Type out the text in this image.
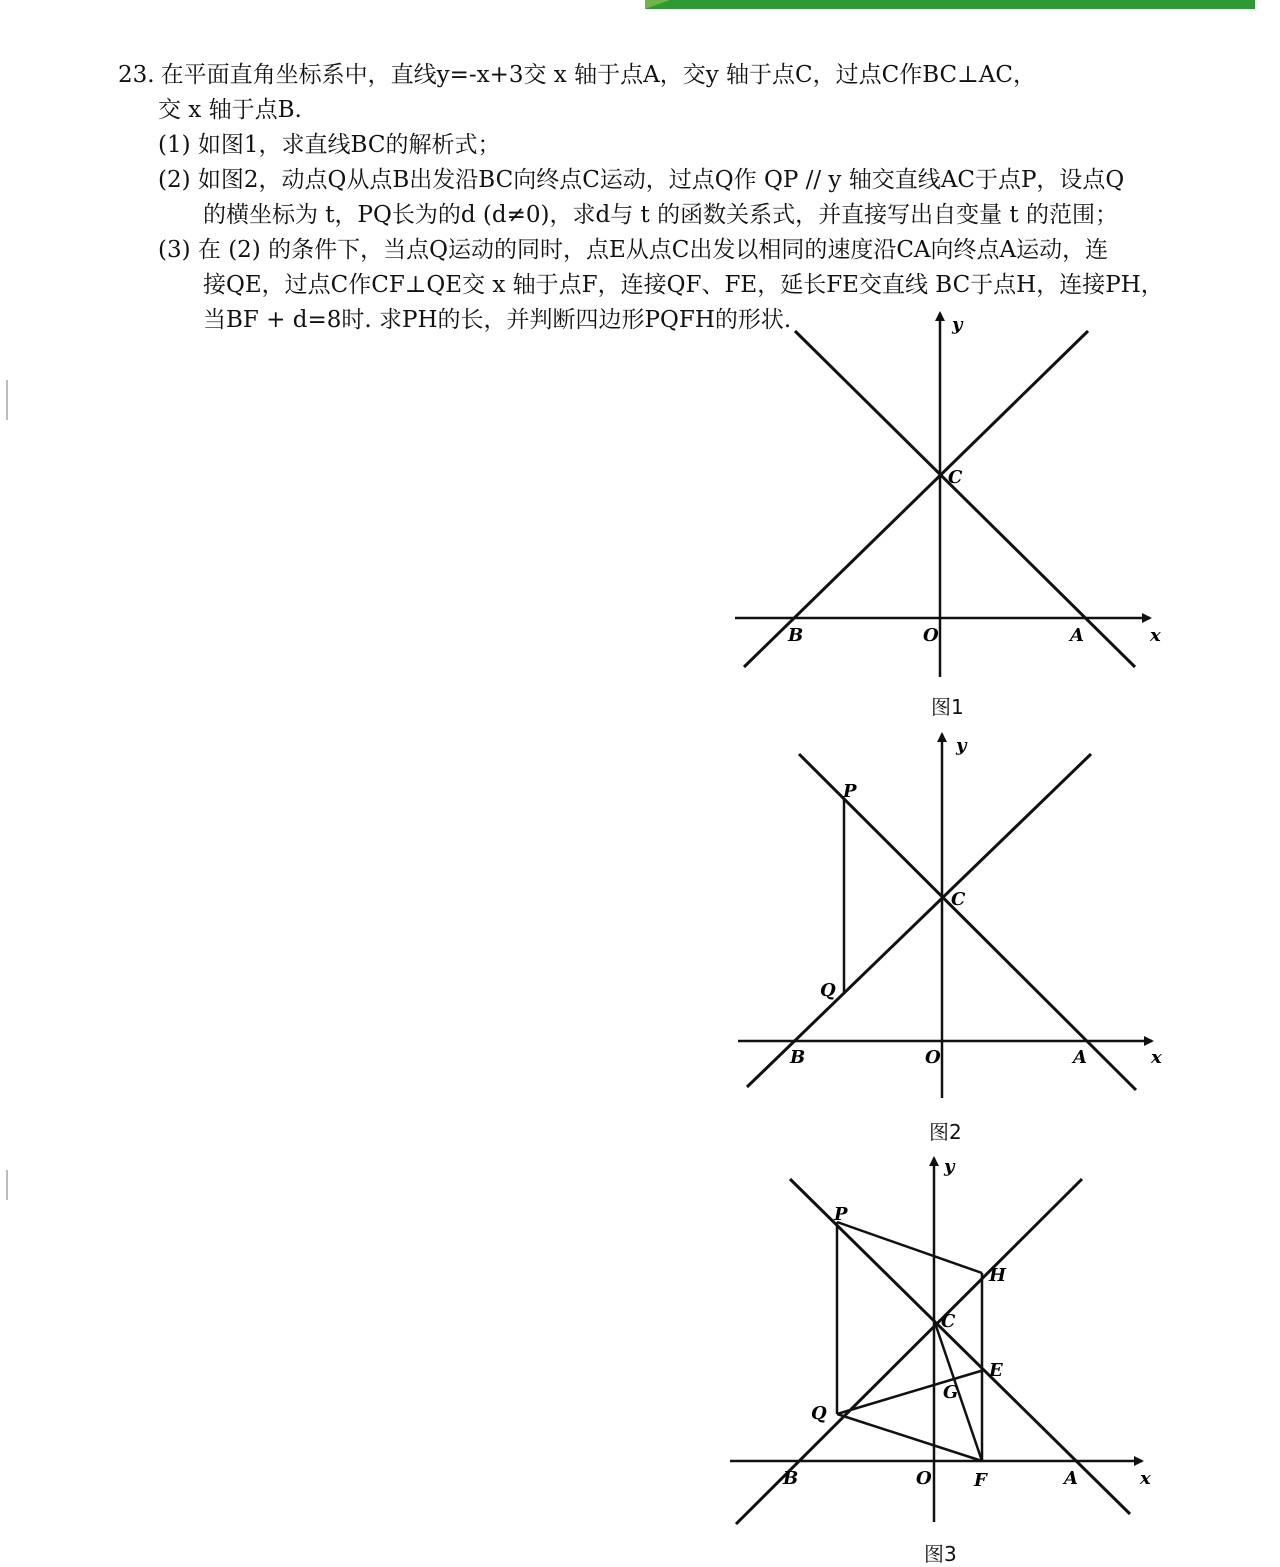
23. 在平面直角坐标系中，直线y=-x+3交 x 轴于点A，交y 轴于点C，过点C作BC⊥AC，
交 x 轴于点B.
(1) 如图1，求直线BC的解析式；
(2) 如图2，动点Q从点B出发沿BC向终点C运动，过点Q作 QP // y 轴交直线AC于点P，设点Q
的横坐标为 t，PQ长为的d (d≠0)，求d与 t 的函数关系式，并直接写出自变量 t 的范围；
(3) 在 (2) 的条件下，当点Q运动的同时，点E从点C出发以相同的速度沿CA向终点A运动，连
接QE，过点C作CF⊥QE交 x 轴于点F，连接QF、FE，延长FE交直线 BC于点H，连接PH，
当BF + d=8时. 求PH的长，并判断四边形PQFH的形状.	y
x
C
B	O	A
图1
y
x
C
B	O	A
P
Q
图2
y
x
C
B	O	A
P
Q
H
E
G
F
图3
